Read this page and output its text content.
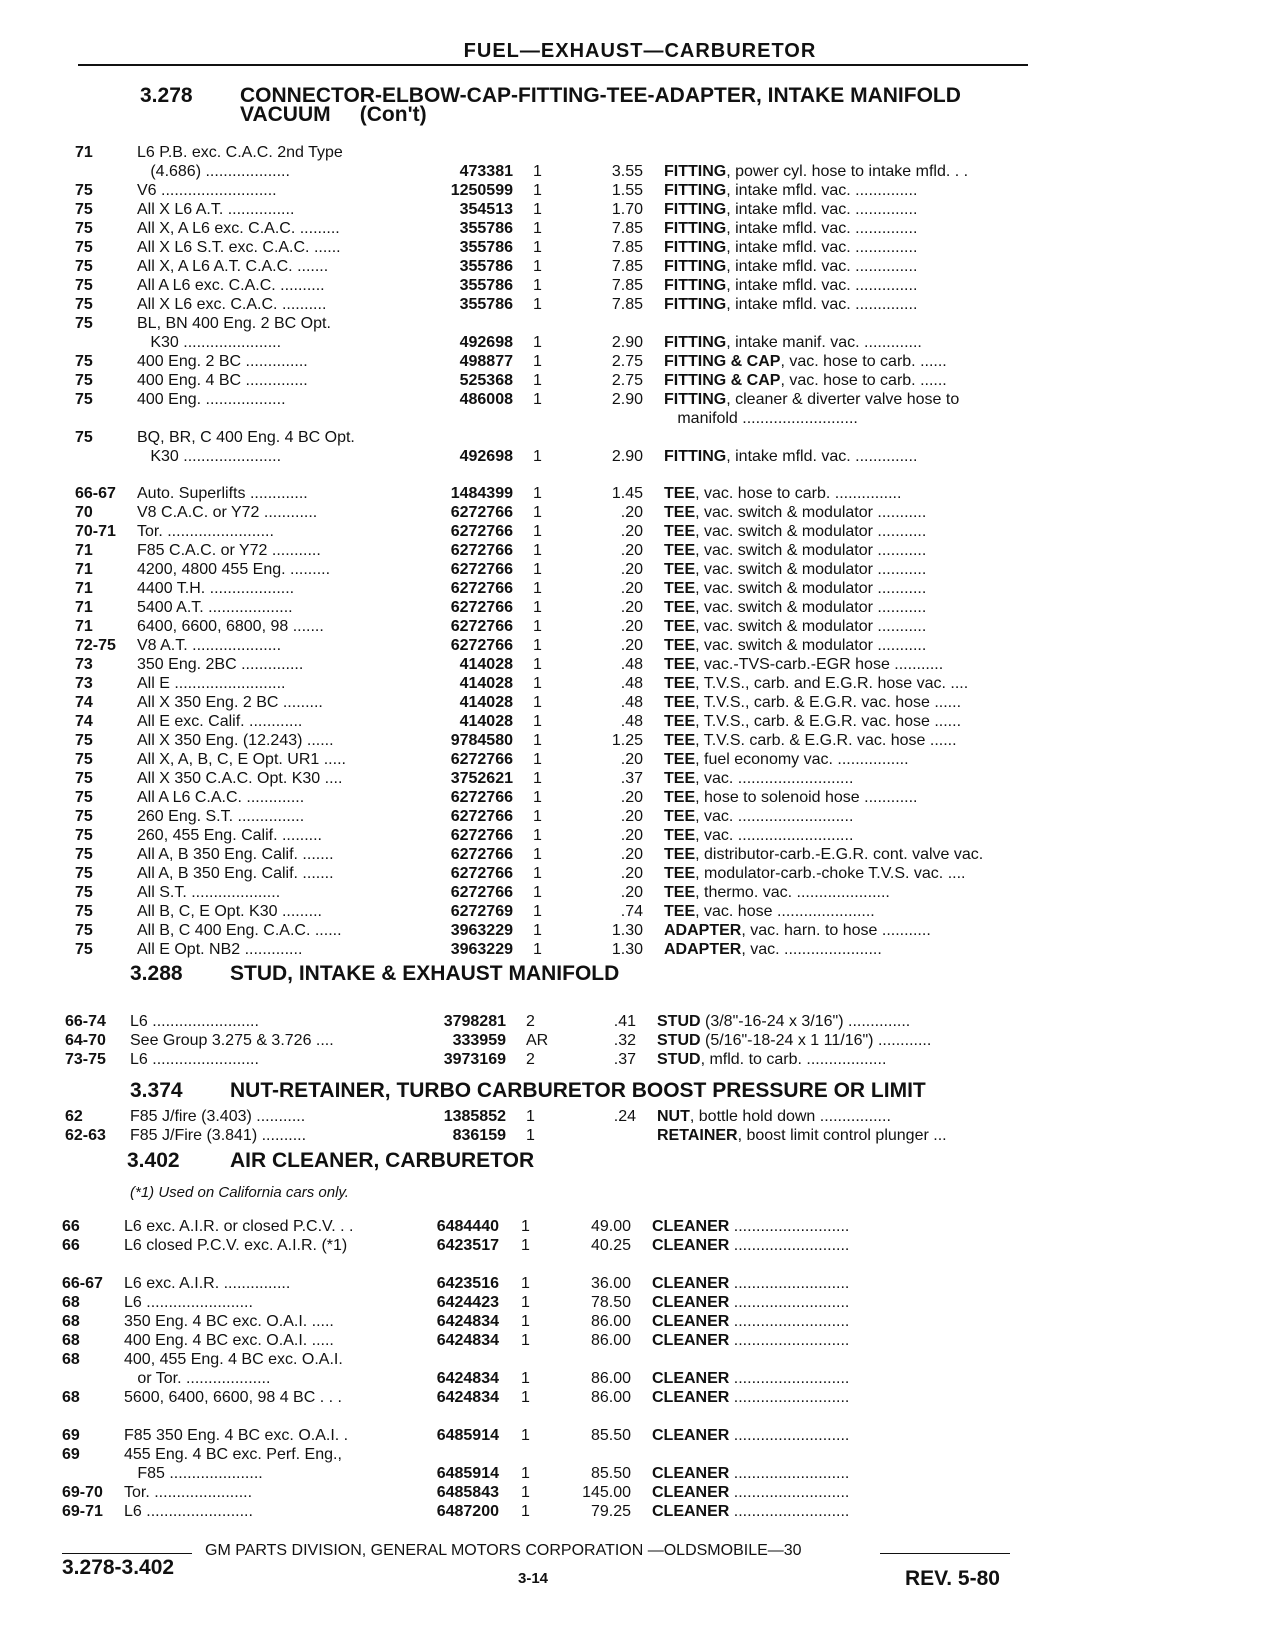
FUEL—EXHAUST—CARBURETOR
3.278 CONNECTOR-ELBOW-CAP-FITTING-TEE-ADAPTER, INTAKE MANIFOLD
VACUUM     (Con't)
71	L6 P.B. exc. C.A.C. 2nd Type
(4.686) ...................	473381 1	3.55 FITTING, power cyl. hose to intake mfld. . .
75	V6 ..........................	1250599 1	1.55 FITTING, intake mfld. vac. ..............
75	All X L6 A.T. ...............	354513 1	1.70 FITTING, intake mfld. vac. ..............
75	All X, A L6 exc. C.A.C. .........	355786 1	7.85 FITTING, intake mfld. vac. ..............
75	All X L6 S.T. exc. C.A.C. ......	355786 1	7.85 FITTING, intake mfld. vac. ..............
75	All X, A L6 A.T. C.A.C. .......	355786 1	7.85 FITTING, intake mfld. vac. ..............
75	All A L6 exc. C.A.C. ..........	355786 1	7.85 FITTING, intake mfld. vac. ..............
75	All X L6 exc. C.A.C. ..........	355786 1	7.85 FITTING, intake mfld. vac. ..............
75	BL, BN 400 Eng. 2 BC Opt.
K30 ......................	492698 1	2.90 FITTING, intake manif. vac. .............
75	400 Eng. 2 BC ..............	498877 1	2.75 FITTING & CAP, vac. hose to carb. ......
75	400 Eng. 4 BC ..............	525368 1	2.75 FITTING & CAP, vac. hose to carb. ......
75	400 Eng. ..................	486008 1	2.90 FITTING, cleaner & diverter valve hose to
manifold ..........................
75	BQ, BR, C 400 Eng. 4 BC Opt.
K30 ......................	492698 1	2.90 FITTING, intake mfld. vac. ..............
66-67 Auto. Superlifts .............	1484399 1	1.45 TEE, vac. hose to carb. ...............
70	V8 C.A.C. or Y72 ............	6272766 1	.20 TEE, vac. switch & modulator ...........
70-71 Tor. ........................	6272766 1	.20 TEE, vac. switch & modulator ...........
71	F85 C.A.C. or Y72 ...........	6272766 1	.20 TEE, vac. switch & modulator ...........
71	4200, 4800 455 Eng. .........	6272766 1	.20 TEE, vac. switch & modulator ...........
71	4400 T.H. ...................	6272766 1	.20 TEE, vac. switch & modulator ...........
71	5400 A.T. ...................	6272766 1	.20 TEE, vac. switch & modulator ...........
71	6400, 6600, 6800, 98 .......	6272766 1	.20 TEE, vac. switch & modulator ...........
72-75 V8 A.T. ....................	6272766 1	.20 TEE, vac. switch & modulator ...........
73	350 Eng. 2BC ..............	414028 1	.48 TEE, vac.-TVS-carb.-EGR hose ...........
73	All E .........................	414028 1	.48 TEE, T.V.S., carb. and E.G.R. hose vac. ....
74	All X 350 Eng. 2 BC .........	414028 1	.48 TEE, T.V.S., carb. & E.G.R. vac. hose ......
74	All E exc. Calif. ............	414028 1	.48 TEE, T.V.S., carb. & E.G.R. vac. hose ......
75	All X 350 Eng. (12.243) ......	9784580 1	1.25 TEE, T.V.S. carb. & E.G.R. vac. hose ......
75	All X, A, B, C, E Opt. UR1 .....	6272766 1	.20 TEE, fuel economy vac. ................
75	All X 350 C.A.C. Opt. K30 ....	3752621 1	.37 TEE, vac. ..........................
75	All A L6 C.A.C. .............	6272766 1	.20 TEE, hose to solenoid hose ............
75	260 Eng. S.T. ...............	6272766 1	.20 TEE, vac. ..........................
75	260, 455 Eng. Calif. .........	6272766 1	.20 TEE, vac. ..........................
75	All A, B 350 Eng. Calif. .......	6272766 1	.20 TEE, distributor-carb.-E.G.R. cont. valve vac.
75	All A, B 350 Eng. Calif. .......	6272766 1	.20 TEE, modulator-carb.-choke T.V.S. vac. ....
75	All S.T. ....................	6272766 1	.20 TEE, thermo. vac. .....................
75	All B, C, E Opt. K30 .........	6272769 1	.74 TEE, vac. hose ......................
75	All B, C 400 Eng. C.A.C. ......	3963229 1	1.30 ADAPTER, vac. harn. to hose ...........
75	All E Opt. NB2 .............	3963229 1	1.30 ADAPTER, vac. ......................
3.288 STUD, INTAKE & EXHAUST MANIFOLD
66-74 L6 ........................	3798281 2	.41 STUD (3/8"-16-24 x 3/16") ..............
64-70 See Group 3.275 & 3.726 ....	333959 AR	.32 STUD (5/16"-18-24 x 1 11/16") ............
73-75 L6 ........................	3973169 2	.37 STUD, mfld. to carb. ..................
3.374 NUT-RETAINER, TURBO CARBURETOR BOOST PRESSURE OR LIMIT
62	F85 J/fire (3.403) ...........	1385852 1	.24 NUT, bottle hold down ................
62-63 F85 J/Fire (3.841) ..........	836159 1	RETAINER, boost limit control plunger ...
3.402 AIR CLEANER, CARBURETOR
(*1) Used on California cars only.
66	L6 exc. A.I.R. or closed P.C.V. . .	6484440 1	49.00 CLEANER ..........................
66	L6 closed P.C.V. exc. A.I.R. (*1)	6423517 1	40.25 CLEANER ..........................
66-67 L6 exc. A.I.R. ...............	6423516 1	36.00 CLEANER ..........................
68	L6 ........................	6424423 1	78.50 CLEANER ..........................
68	350 Eng. 4 BC exc. O.A.I. .....	6424834 1	86.00 CLEANER ..........................
68	400 Eng. 4 BC exc. O.A.I. .....	6424834 1	86.00 CLEANER ..........................
68	400, 455 Eng. 4 BC exc. O.A.I.
or Tor. ...................	6424834 1	86.00 CLEANER ..........................
68	5600, 6400, 6600, 98 4 BC . . .	6424834 1	86.00 CLEANER ..........................
69	F85 350 Eng. 4 BC exc. O.A.I. .	6485914 1	85.50 CLEANER ..........................
69	455 Eng. 4 BC exc. Perf. Eng.,
F85 .....................	6485914 1	85.50 CLEANER ..........................
69-70 Tor. ......................	6485843 1	145.00 CLEANER ..........................
69-71 L6 ........................	6487200 1	79.25 CLEANER ..........................
GM PARTS DIVISION, GENERAL MOTORS CORPORATION —OLDSMOBILE—30
3.278-3.402	3-14	REV. 5-80
